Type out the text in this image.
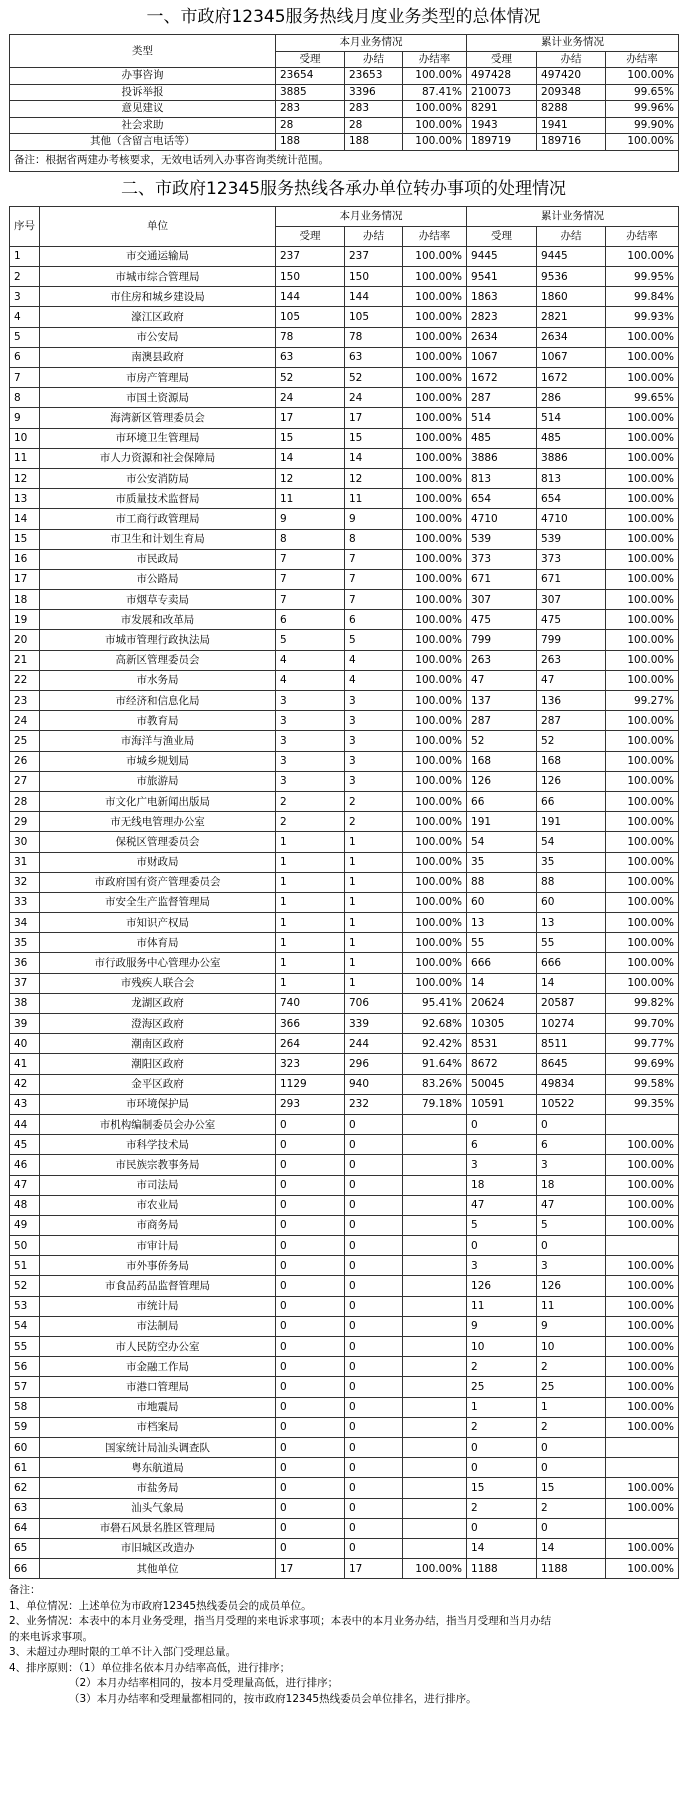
一、市政府12345服务热线月度业务类型的总体情况
类型	本月业务情况			累计业务情况		
	受理	办结	办结率	受理	办结	办结率
办事咨询	23654	23653	100.00%	497428	497420	100.00%
投诉举报	3885	3396	87.41%	210073	209348	99.65%
意见建议	283	283	100.00%	8291	8288	99.96%
社会求助	28	28	100.00%	1943	1941	99.90%
其他（含留言电话等）	188	188	100.00%	189719	189716	100.00%
备注：根据省两建办考核要求，无效电话列入办事咨询类统计范围。						
二、市政府12345服务热线各承办单位转办事项的处理情况
序号	单位	本月业务情况			累计业务情况		
		受理	办结	办结率	受理	办结	办结率
1	市交通运输局	237	237	100.00%	9445	9445	100.00%
2	市城市综合管理局	150	150	100.00%	9541	9536	99.95%
3	市住房和城乡建设局	144	144	100.00%	1863	1860	99.84%
4	濠江区政府	105	105	100.00%	2823	2821	99.93%
5	市公安局	78	78	100.00%	2634	2634	100.00%
6	南澳县政府	63	63	100.00%	1067	1067	100.00%
7	市房产管理局	52	52	100.00%	1672	1672	100.00%
8	市国土资源局	24	24	100.00%	287	286	99.65%
9	海湾新区管理委员会	17	17	100.00%	514	514	100.00%
10	市环境卫生管理局	15	15	100.00%	485	485	100.00%
11	市人力资源和社会保障局	14	14	100.00%	3886	3886	100.00%
12	市公安消防局	12	12	100.00%	813	813	100.00%
13	市质量技术监督局	11	11	100.00%	654	654	100.00%
14	市工商行政管理局	9	9	100.00%	4710	4710	100.00%
15	市卫生和计划生育局	8	8	100.00%	539	539	100.00%
16	市民政局	7	7	100.00%	373	373	100.00%
17	市公路局	7	7	100.00%	671	671	100.00%
18	市烟草专卖局	7	7	100.00%	307	307	100.00%
19	市发展和改革局	6	6	100.00%	475	475	100.00%
20	市城市管理行政执法局	5	5	100.00%	799	799	100.00%
21	高新区管理委员会	4	4	100.00%	263	263	100.00%
22	市水务局	4	4	100.00%	47	47	100.00%
23	市经济和信息化局	3	3	100.00%	137	136	99.27%
24	市教育局	3	3	100.00%	287	287	100.00%
25	市海洋与渔业局	3	3	100.00%	52	52	100.00%
26	市城乡规划局	3	3	100.00%	168	168	100.00%
27	市旅游局	3	3	100.00%	126	126	100.00%
28	市文化广电新闻出版局	2	2	100.00%	66	66	100.00%
29	市无线电管理办公室	2	2	100.00%	191	191	100.00%
30	保税区管理委员会	1	1	100.00%	54	54	100.00%
31	市财政局	1	1	100.00%	35	35	100.00%
32	市政府国有资产管理委员会	1	1	100.00%	88	88	100.00%
33	市安全生产监督管理局	1	1	100.00%	60	60	100.00%
34	市知识产权局	1	1	100.00%	13	13	100.00%
35	市体育局	1	1	100.00%	55	55	100.00%
36	市行政服务中心管理办公室	1	1	100.00%	666	666	100.00%
37	市残疾人联合会	1	1	100.00%	14	14	100.00%
38	龙湖区政府	740	706	95.41%	20624	20587	99.82%
39	澄海区政府	366	339	92.68%	10305	10274	99.70%
40	潮南区政府	264	244	92.42%	8531	8511	99.77%
41	潮阳区政府	323	296	91.64%	8672	8645	99.69%
42	金平区政府	1129	940	83.26%	50045	49834	99.58%
43	市环境保护局	293	232	79.18%	10591	10522	99.35%
44	市机构编制委员会办公室	0	0		0	0	
45	市科学技术局	0	0		6	6	100.00%
46	市民族宗教事务局	0	0		3	3	100.00%
47	市司法局	0	0		18	18	100.00%
48	市农业局	0	0		47	47	100.00%
49	市商务局	0	0		5	5	100.00%
50	市审计局	0	0		0	0	
51	市外事侨务局	0	0		3	3	100.00%
52	市食品药品监督管理局	0	0		126	126	100.00%
53	市统计局	0	0		11	11	100.00%
54	市法制局	0	0		9	9	100.00%
55	市人民防空办公室	0	0		10	10	100.00%
56	市金融工作局	0	0		2	2	100.00%
57	市港口管理局	0	0		25	25	100.00%
58	市地震局	0	0		1	1	100.00%
59	市档案局	0	0		2	2	100.00%
60	国家统计局汕头调查队	0	0		0	0	
61	粤东航道局	0	0		0	0	
62	市盐务局	0	0		15	15	100.00%
63	汕头气象局	0	0		2	2	100.00%
64	市礐石风景名胜区管理局	0	0		0	0	
65	市旧城区改造办	0	0		14	14	100.00%
66	其他单位	17	17	100.00%	1188	1188	100.00%
备注：
1、单位情况：上述单位为市政府12345热线委员会的成员单位。
2、业务情况：本表中的本月业务受理，指当月受理的来电诉求事项；本表中的本月业务办结，指当月受理和当月办结
的来电诉求事项。
3、未超过办理时限的工单不计入部门受理总量。
4、排序原则：（1）单位排名依本月办结率高低，进行排序；
（2）本月办结率相同的，按本月受理量高低，进行排序；
（3）本月办结率和受理量都相同的，按市政府12345热线委员会单位排名，进行排序。
